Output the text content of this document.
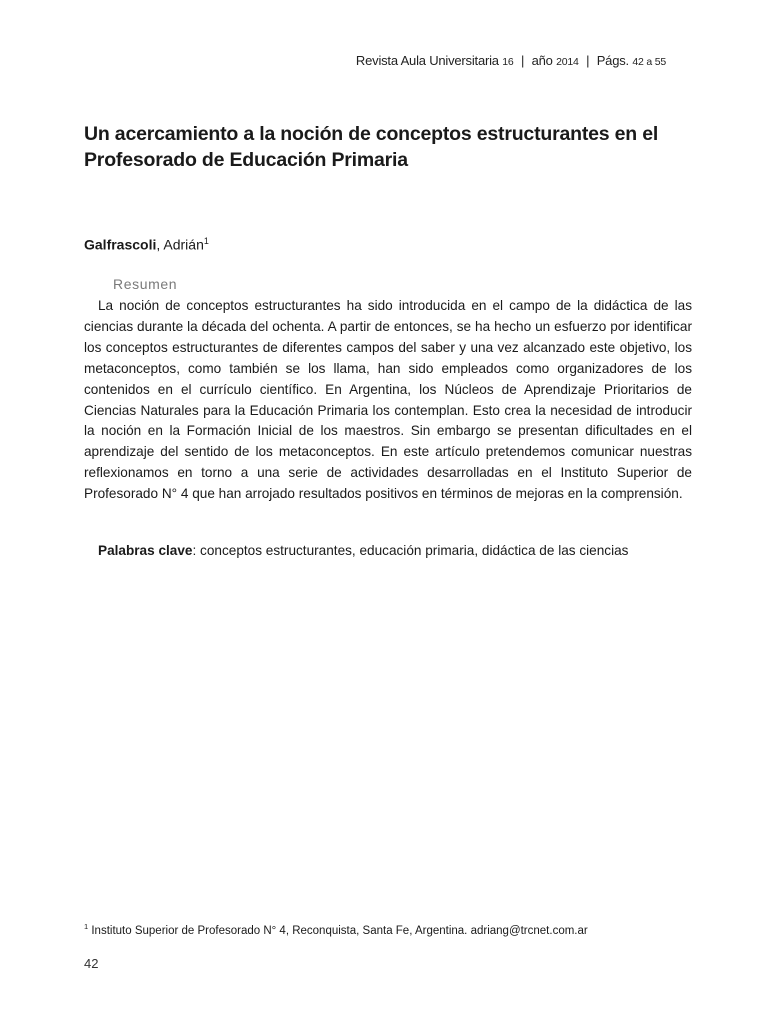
Revista Aula Universitaria 16 | año 2014 | Págs. 42 a 55
Un acercamiento a la noción de conceptos estructurantes en el Profesorado de Educación Primaria
Galfrascoli, Adrián$^1$
Resumen

La noción de conceptos estructurantes ha sido introducida en el campo de la didáctica de las ciencias durante la década del ochenta. A partir de entonces, se ha hecho un esfuerzo por identificar los conceptos estructurantes de diferentes campos del saber y una vez alcanzado este objetivo, los metaconceptos, como también se los llama, han sido empleados como organizadores de los contenidos en el currículo científico. En Argentina, los Núcleos de Aprendizaje Prioritarios de Ciencias Naturales para la Educación Primaria los contemplan. Esto crea la necesidad de introducir la noción en la Formación Inicial de los maestros. Sin embargo se presentan dificultades en el aprendizaje del sentido de los metaconceptos. En este artículo pretendemos comunicar nuestras reflexionamos en torno a una serie de actividades desarrolladas en el Instituto Superior de Profesorado N° 4 que han arrojado resultados positivos en términos de mejoras en la comprensión.

Palabras clave: conceptos estructurantes, educación primaria, didáctica de las ciencias
$^1$ Instituto Superior de Profesorado N° 4, Reconquista, Santa Fe, Argentina. adriang@trcnet.com.ar
42
